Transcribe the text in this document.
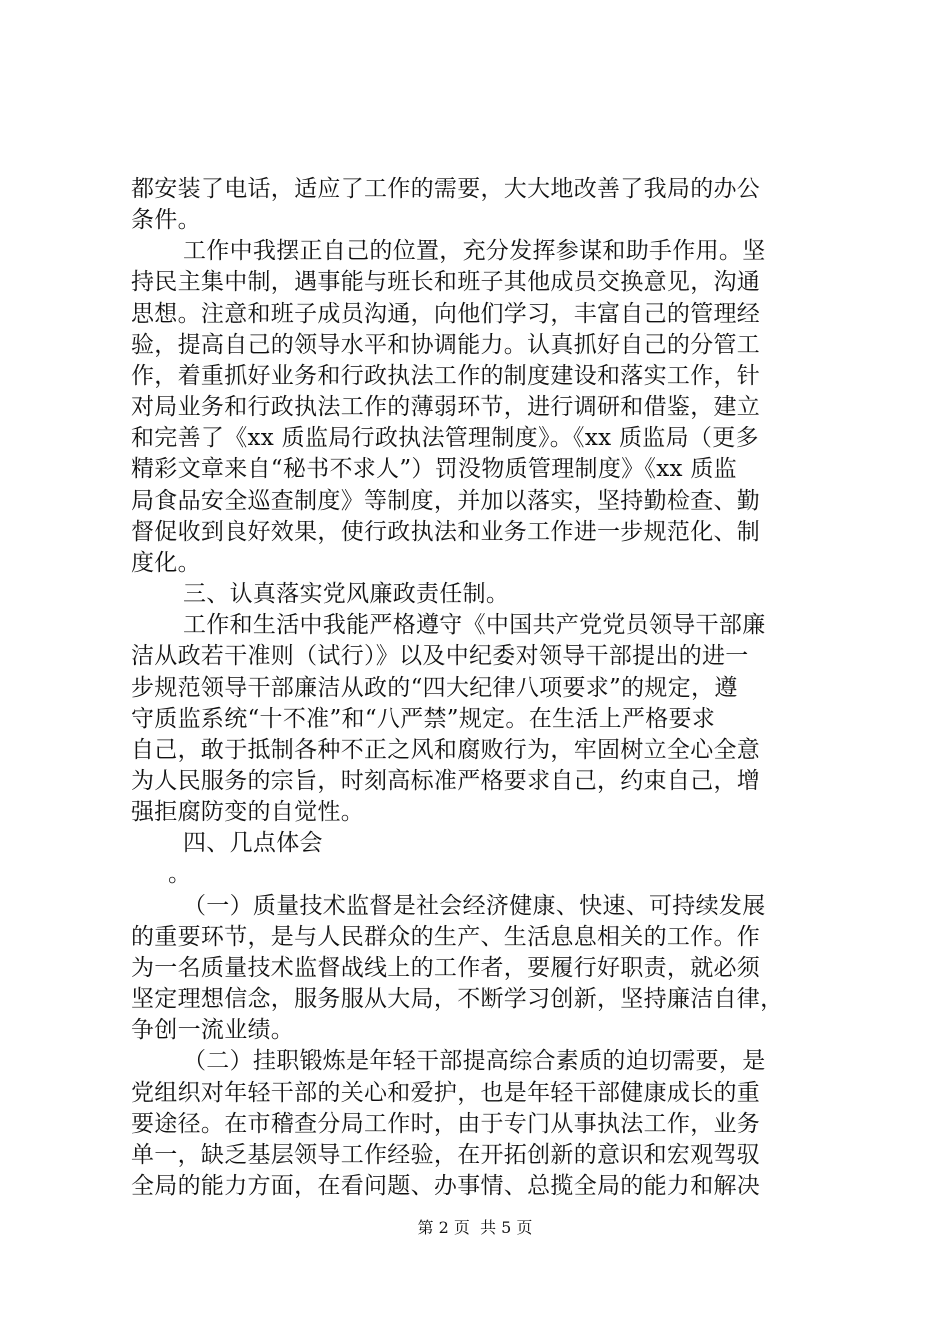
都安装了电话，适应了工作的需要，大大地改善了我局的办公
条件。
工作中我摆正自己的位置，充分发挥参谋和助手作用。坚
持民主集中制，遇事能与班长和班子其他成员交换意见，沟通
思想。注意和班子成员沟通，向他们学习，丰富自己的管理经
验，提高自己的领导水平和协调能力。认真抓好自己的分管工
作，着重抓好业务和行政执法工作的制度建设和落实工作，针
对局业务和行政执法工作的薄弱环节，进行调研和借鉴，建立
和完善了《xx 质监局行政执法管理制度》。《xx 质监局（更多
精彩文章来自“秘书不求人”）罚没物质管理制度》《xx 质监
局食品安全巡查制度》等制度，并加以落实，坚持勤检查、勤
督促收到良好效果，使行政执法和业务工作进一步规范化、制
度化。
三、认真落实党风廉政责任制。
工作和生活中我能严格遵守《中国共产党党员领导干部廉
洁从政若干准则（试行）》以及中纪委对领导干部提出的进一
步规范领导干部廉洁从政的“四大纪律八项要求”的规定，遵
守质监系统“十不准”和“八严禁”规定。在生活上严格要求
自己，敢于抵制各种不正之风和腐败行为，牢固树立全心全意
为人民服务的宗旨，时刻高标准严格要求自己，约束自己，增
强拒腐防变的自觉性。
四、几点体会
。
（一）质量技术监督是社会经济健康、快速、可持续发展
的重要环节，是与人民群众的生产、生活息息相关的工作。作
为一名质量技术监督战线上的工作者，要履行好职责，就必须
坚定理想信念，服务服从大局，不断学习创新，坚持廉洁自律，
争创一流业绩。
（二）挂职锻炼是年轻干部提高综合素质的迫切需要，是
党组织对年轻干部的关心和爱护，也是年轻干部健康成长的重
要途径。在市稽查分局工作时，由于专门从事执法工作，业务
单一，缺乏基层领导工作经验，在开拓创新的意识和宏观驾驭
全局的能力方面，在看问题、办事情、总揽全局的能力和解决
第 2 页  共 5 页
